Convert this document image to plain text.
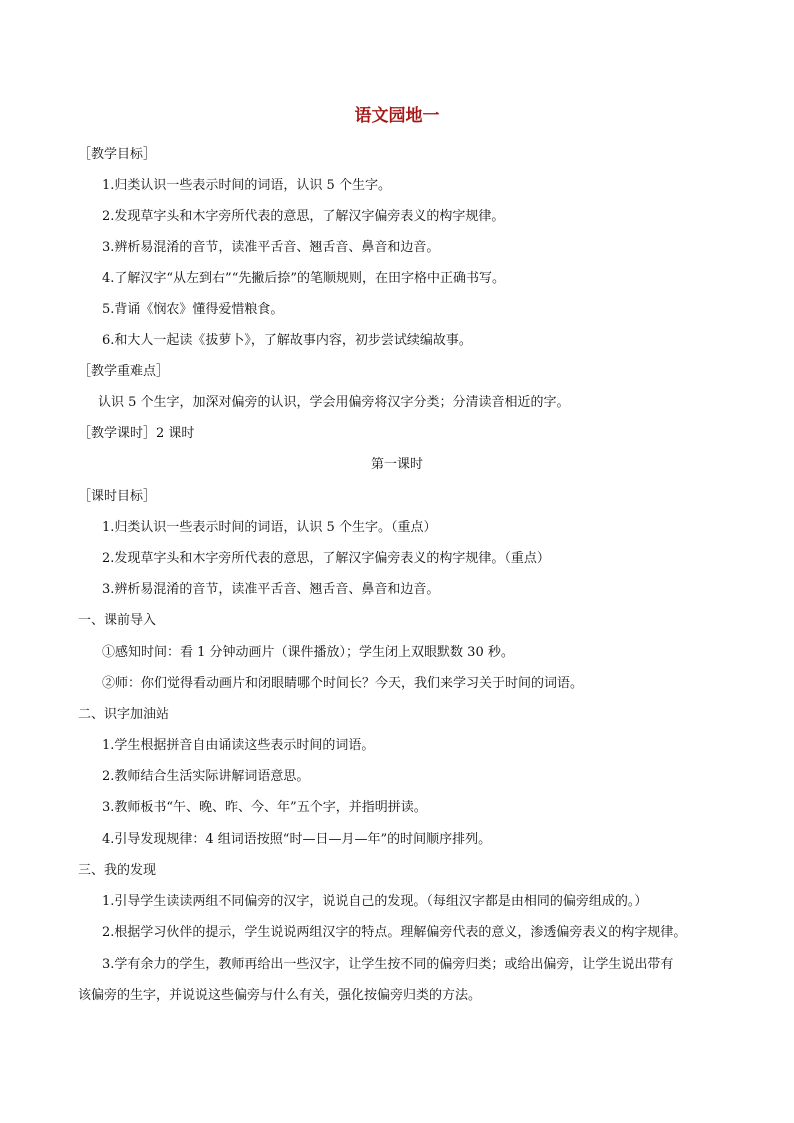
语文园地一
［教学目标］
1.归类认识一些表示时间的词语，认识 5 个生字。
2.发现草字头和木字旁所代表的意思，了解汉字偏旁表义的构字规律。
3.辨析易混淆的音节，读准平舌音、翘舌音、鼻音和边音。
4.了解汉字“从左到右”“先撇后捺”的笔顺规则，在田字格中正确书写。
5.背诵《悯农》懂得爱惜粮食。
6.和大人一起读《拔萝卜》，了解故事内容，初步尝试续编故事。
［教学重难点］
认识 5 个生字，加深对偏旁的认识，学会用偏旁将汉字分类；分清读音相近的字。
［教学课时］2 课时
第一课时
［课时目标］
1.归类认识一些表示时间的词语，认识 5 个生字。（重点）
2.发现草字头和木字旁所代表的意思，了解汉字偏旁表义的构字规律。（重点）
3.辨析易混淆的音节，读准平舌音、翘舌音、鼻音和边音。
一、课前导入
①感知时间：看 1 分钟动画片（课件播放）；学生闭上双眼默数 30 秒。
②师：你们觉得看动画片和闭眼睛哪个时间长？今天，我们来学习关于时间的词语。
二、识字加油站
1.学生根据拼音自由诵读这些表示时间的词语。
2.教师结合生活实际讲解词语意思。
3.教师板书“午、晚、昨、今、年”五个字，并指明拼读。
4.引导发现规律：4 组词语按照“时—日—月—年”的时间顺序排列。
三、我的发现
1.引导学生读读两组不同偏旁的汉字，说说自己的发现。（每组汉字都是由相同的偏旁组成的。）
2.根据学习伙伴的提示，学生说说两组汉字的特点。理解偏旁代表的意义，渗透偏旁表义的构字规律。
3.学有余力的学生，教师再给出一些汉字，让学生按不同的偏旁归类；或给出偏旁，让学生说出带有
该偏旁的生字，并说说这些偏旁与什么有关，强化按偏旁归类的方法。
